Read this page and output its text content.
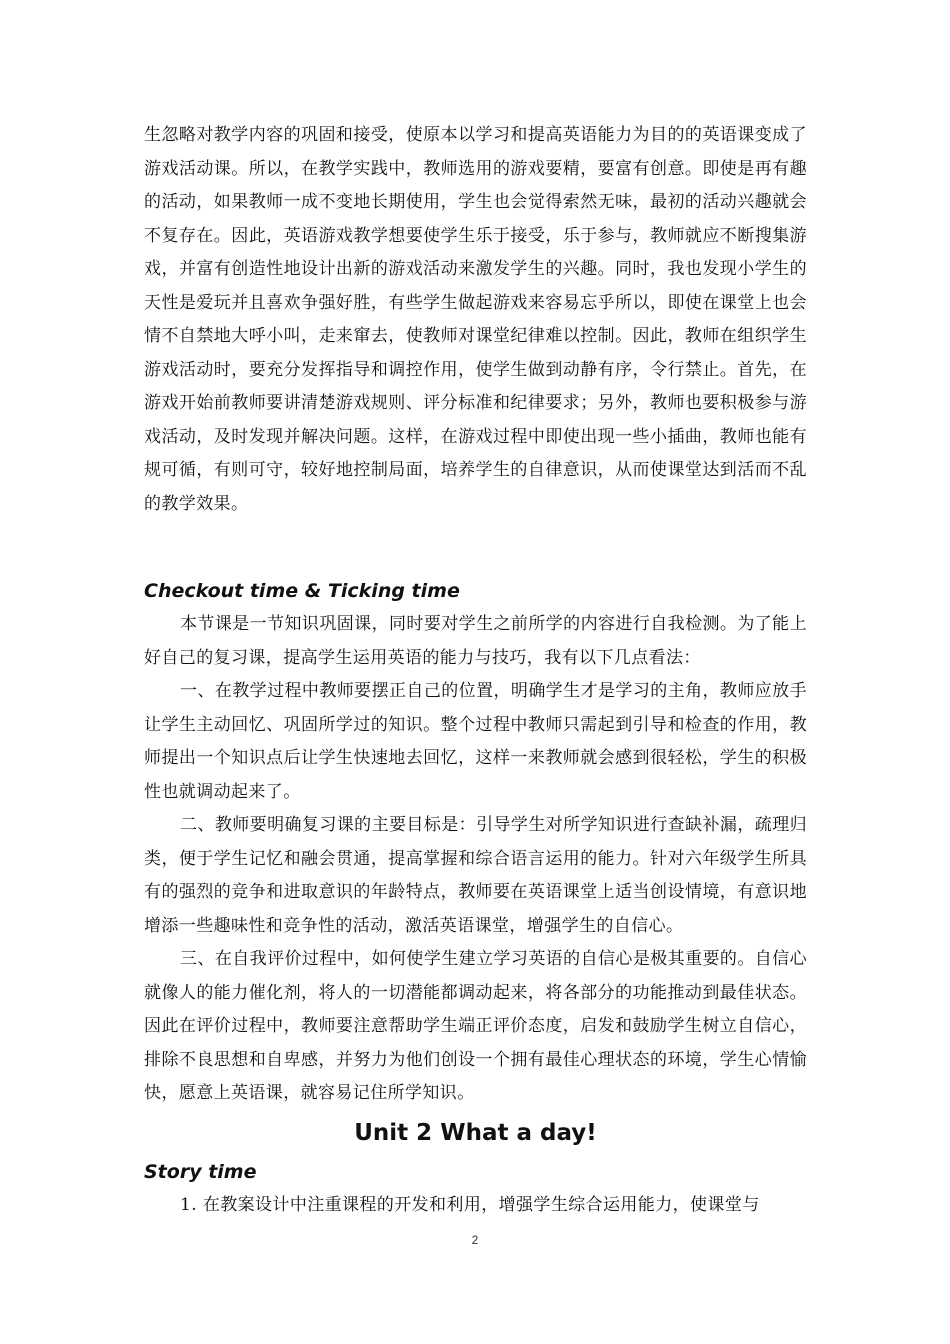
生忽略对教学内容的巩固和接受，使原本以学习和提高英语能力为目的的英语课变成了游戏活动课。所以，在教学实践中，教师选用的游戏要精，要富有创意。即使是再有趣的活动，如果教师一成不变地长期使用，学生也会觉得索然无味，最初的活动兴趣就会不复存在。因此，英语游戏教学想要使学生乐于接受，乐于参与，教师就应不断搜集游戏，并富有创造性地设计出新的游戏活动来激发学生的兴趣。同时，我也发现小学生的天性是爱玩并且喜欢争强好胜，有些学生做起游戏来容易忘乎所以，即使在课堂上也会情不自禁地大呼小叫，走来窜去，使教师对课堂纪律难以控制。因此，教师在组织学生游戏活动时，要充分发挥指导和调控作用，使学生做到动静有序，令行禁止。首先，在游戏开始前教师要讲清楚游戏规则、评分标准和纪律要求；另外，教师也要积极参与游戏活动，及时发现并解决问题。这样，在游戏过程中即使出现一些小插曲，教师也能有规可循，有则可守，较好地控制局面，培养学生的自律意识，从而使课堂达到活而不乱的教学效果。

Checkout time & Ticking time

本节课是一节知识巩固课，同时要对学生之前所学的内容进行自我检测。为了能上好自己的复习课，提高学生运用英语的能力与技巧，我有以下几点看法：

一、在教学过程中教师要摆正自己的位置，明确学生才是学习的主角，教师应放手让学生主动回忆、巩固所学过的知识。整个过程中教师只需起到引导和检查的作用，教师提出一个知识点后让学生快速地去回忆，这样一来教师就会感到很轻松，学生的积极性也就调动起来了。

二、教师要明确复习课的主要目标是：引导学生对所学知识进行查缺补漏，疏理归类，便于学生记忆和融会贯通，提高掌握和综合语言运用的能力。针对六年级学生所具有的强烈的竞争和进取意识的年龄特点，教师要在英语课堂上适当创设情境，有意识地增添一些趣味性和竞争性的活动，激活英语课堂，增强学生的自信心。

三、在自我评价过程中，如何使学生建立学习英语的自信心是极其重要的。自信心就像人的能力催化剂，将人的一切潜能都调动起来，将各部分的功能推动到最佳状态。因此在评价过程中，教师要注意帮助学生端正评价态度，启发和鼓励学生树立自信心，排除不良思想和自卑感，并努力为他们创设一个拥有最佳心理状态的环境，学生心情愉快，愿意上英语课，就容易记住所学知识。

Unit 2 What a day!
Story time

1. 在教案设计中注重课程的开发和利用，增强学生综合运用能力，使课堂与

2
